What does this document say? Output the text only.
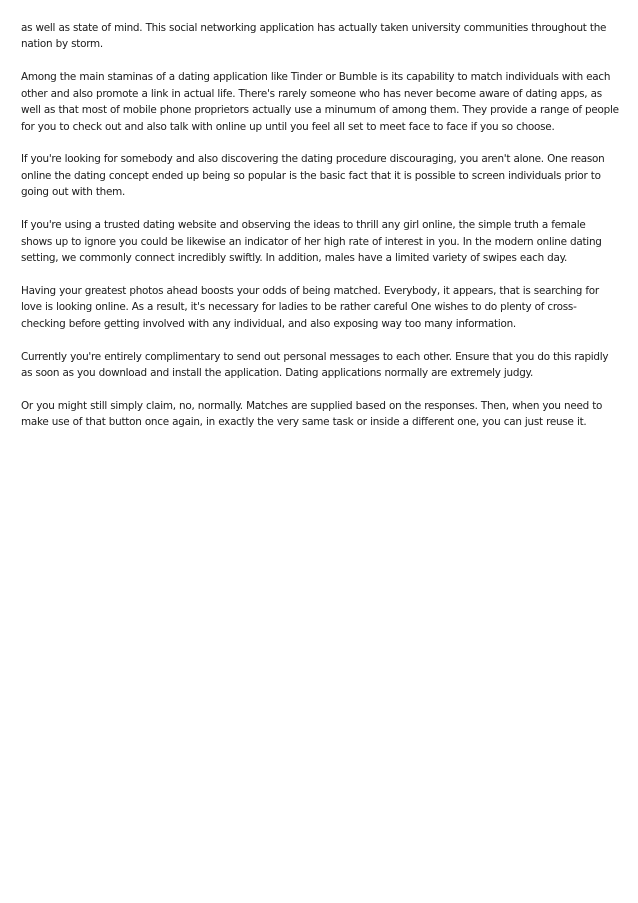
as well as state of mind. This social networking application has actually taken university communities throughout the nation by storm.

Among the main staminas of a dating application like Tinder or Bumble is its capability to match individuals with each other and also promote a link in actual life. There's rarely someone who has never become aware of dating apps, as well as that most of mobile phone proprietors actually use a minumum of among them. They provide a range of people for you to check out and also talk with online up until you feel all set to meet face to face if you so choose.

If you're looking for somebody and also discovering the dating procedure discouraging, you aren't alone. One reason online the dating concept ended up being so popular is the basic fact that it is possible to screen individuals prior to going out with them.

If you're using a trusted dating website and observing the ideas to thrill any girl online, the simple truth a female shows up to ignore you could be likewise an indicator of her high rate of interest in you. In the modern online dating setting, we commonly connect incredibly swiftly. In addition, males have a limited variety of swipes each day.

Having your greatest photos ahead boosts your odds of being matched. Everybody, it appears, that is searching for love is looking online. As a result, it's necessary for ladies to be rather careful One wishes to do plenty of cross-checking before getting involved with any individual, and also exposing way too many information.

Currently you're entirely complimentary to send out personal messages to each other. Ensure that you do this rapidly as soon as you download and install the application. Dating applications normally are extremely judgy.

Or you might still simply claim, no, normally. Matches are supplied based on the responses. Then, when you need to make use of that button once again, in exactly the very same task or inside a different one, you can just reuse it.
